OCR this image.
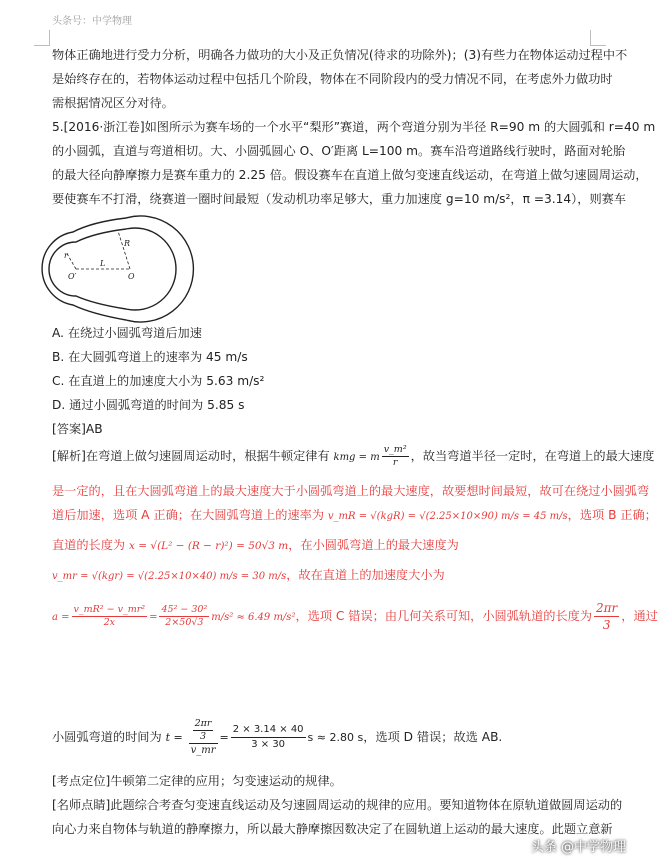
头条号：中学物理
物体正确地进行受力分析，明确各力做功的大小及正负情况(待求的功除外)；(3)有些力在物体运动过程中不
是始终存在的，若物体运动过程中包括几个阶段，物体在不同阶段内的受力情况不同，在考虑外力做功时
需根据情况区分对待。
5.[2016·浙江卷]如图所示为赛车场的一个水平“梨形”赛道，两个弯道分别为半径 R=90 m 的大圆弧和 r=40 m
的小圆弧，直道与弯道相切。大、小圆弧圆心 O、O′距离 L=100 m。赛车沿弯道路线行驶时，路面对轮胎
的最大径向静摩擦力是赛车重力的 2.25 倍。假设赛车在直道上做匀变速直线运动，在弯道上做匀速圆周运动，
要使赛车不打滑，绕赛道一圈时间最短（发动机功率足够大，重力加速度 g=10 m/s²，π =3.14），则赛车
r
R
L
O′	O
A. 在绕过小圆弧弯道后加速
B. 在大圆弧弯道上的速率为 45 m/s
C. 在直道上的加速度大小为 5.63 m/s²
D. 通过小圆弧弯道的时间为 5.85 s
[答案]AB
[解析]在弯道上做匀速圆周运动时，根据牛顿定律有 kmg = m $\frac{\text{v\_m²}}{r}$ ，故当弯道半径一定时，在弯道上的最大速度
是一定的，且在大圆弧弯道上的最大速度大于小圆弧弯道上的最大速度，故要想时间最短，故可在绕过小圆弧弯
道后加速，选项 A 正确；在大圆弧弯道上的速率为 v_mR = √(kgR) = √(2.25×10×90) m/s = 45 m/s，选项 B 正确；
直道的长度为 x = √(L² − (R − r)²) = 50√3 m，在小圆弧弯道上的最大速度为
v_mr = √(kgr) = √(2.25×10×40) m/s = 30 m/s，故在直道上的加速度大小为
$a = \frac{\text{v\_mR² − v\_mr²}}{2x} = \frac{\text{45² − 30²}}{2\times 50√3} m/s^2 \approx 6.49$ m/s²，选项 C 错误；由几何关系可知，小圆弧轨道的长度为 $\frac{2\pi r}{3}$ ，通过
小圆弧弯道的时间为 $t = \frac{\frac{2\pi r}{3}}{v\_mr} = \frac{2 \times 3.14 \times 40}{3 \times 30}$ s ≈ 2.80 s，选项 D 错误；故选 AB.
[考点定位]牛顿第二定律的应用；匀变速运动的规律。
[名师点睛]此题综合考查匀变速直线运动及匀速圆周运动的规律的应用。要知道物体在原轨道做圆周运动的
向心力来自物体与轨道的静摩擦力，所以最大静摩擦因数决定了在圆轨道上运动的最大速度。此题立意新
头条 @中学物理
